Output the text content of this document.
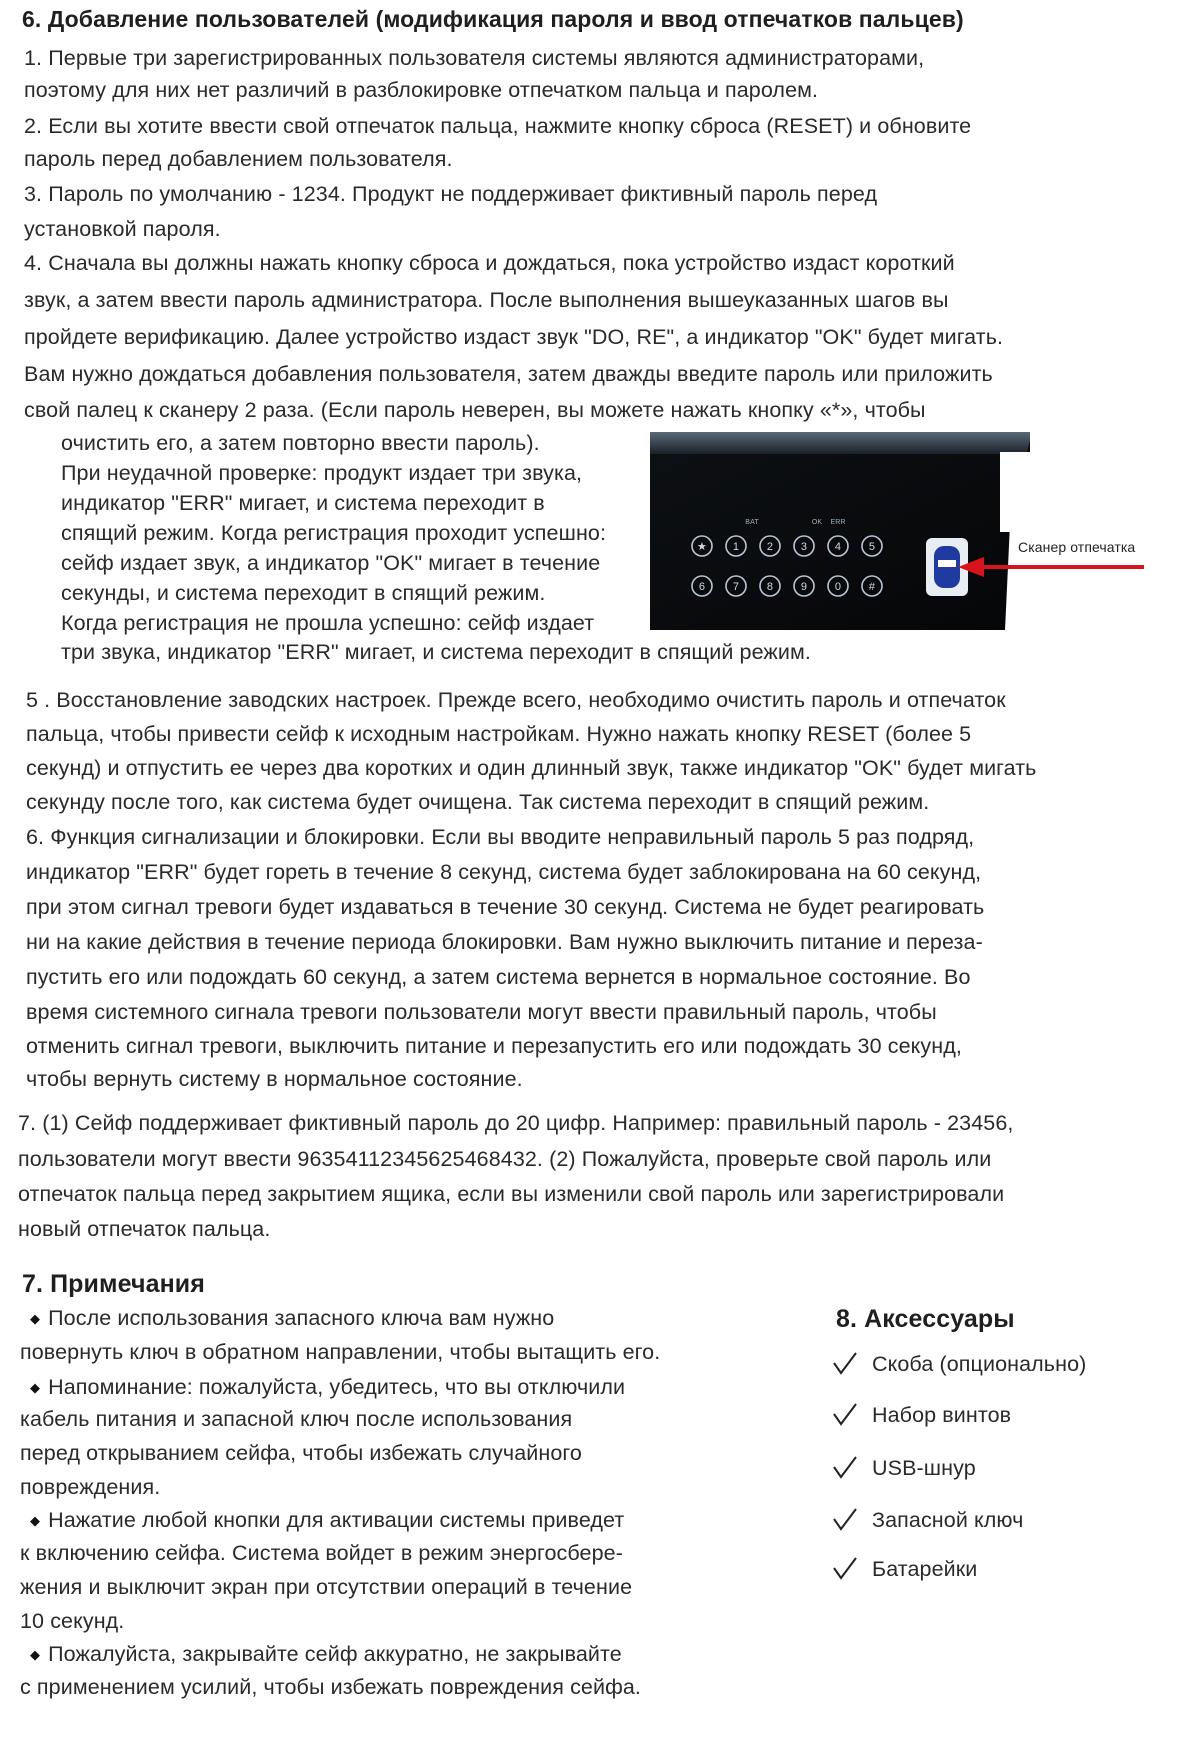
6. Добавление пользователей (модификация пароля и ввод отпечатков пальцев)
1. Первые три зарегистрированных пользователя системы являются администраторами,
поэтому для них нет различий в разблокировке отпечатком пальца и паролем.
2. Если вы хотите ввести свой отпечаток пальца, нажмите кнопку сброса (RESET) и обновите
пароль перед добавлением пользователя.
3. Пароль по умолчанию - 1234. Продукт не поддерживает фиктивный пароль перед
установкой пароля.
4. Сначала вы должны нажать кнопку сброса и дождаться, пока устройство издаст короткий
звук, а затем ввести пароль администратора. После выполнения вышеуказанных шагов вы
пройдете верификацию. Далее устройство издаст звук "DO, RE", а индикатор "OK" будет мигать.
Вам нужно дождаться добавления пользователя, затем дважды введите пароль или приложить
свой палец к сканеру 2 раза. (Если пароль неверен, вы можете нажать кнопку «*», чтобы
очистить его, а затем повторно ввести пароль).
При неудачной проверке: продукт издает три звука,
индикатор "ERR" мигает, и система переходит в
спящий режим. Когда регистрация проходит успешно:
сейф издает звук, а индикатор "OK" мигает в течение
секунды, и система переходит в спящий режим.
Когда регистрация не прошла успешно: сейф издает
три звука, индикатор "ERR" мигает, и система переходит в спящий режим.
BAT	OK ERR
★ 1	2	3	4	5
6	7	8	9	0	#
Сканер отпечатка
5 . Восстановление заводских настроек. Прежде всего, необходимо очистить пароль и отпечаток
пальца, чтобы привести сейф к исходным настройкам. Нужно нажать кнопку RESET (более 5
секунд) и отпустить ее через два коротких и один длинный звук, также индикатор "OK" будет мигать
секунду после того, как система будет очищена. Так система переходит в спящий режим.
6. Функция сигнализации и блокировки. Если вы вводите неправильный пароль 5 раз подряд,
индикатор "ERR" будет гореть в течение 8 секунд, система будет заблокирована на 60 секунд,
при этом сигнал тревоги будет издаваться в течение 30 секунд. Система не будет реагировать
ни на какие действия в течение периода блокировки. Вам нужно выключить питание и переза-
пустить его или подождать 60 секунд, а затем система вернется в нормальное состояние. Во
время системного сигнала тревоги пользователи могут ввести правильный пароль, чтобы
отменить сигнал тревоги, выключить питание и перезапустить его или подождать 30 секунд,
чтобы вернуть систему в нормальное состояние.
7. (1) Сейф поддерживает фиктивный пароль до 20 цифр. Например: правильный пароль - 23456,
пользователи могут ввести 96354112345625468432. (2) Пожалуйста, проверьте свой пароль или
отпечаток пальца перед закрытием ящика, если вы изменили свой пароль или зарегистрировали
новый отпечаток пальца.
7. Примечания
◆ После использования запасного ключа вам нужно
повернуть ключ в обратном направлении, чтобы вытащить его.
◆ Напоминание: пожалуйста, убедитесь, что вы отключили
кабель питания и запасной ключ после использования
перед открыванием сейфа, чтобы избежать случайного
повреждения.
◆ Нажатие любой кнопки для активации системы приведет
к включению сейфа. Система войдет в режим энергосбере-
жения и выключит экран при отсутствии операций в течение
10 секунд.
◆ Пожалуйста, закрывайте сейф аккуратно, не закрывайте
с применением усилий, чтобы избежать повреждения сейфа.
8. Аксессуары
Скоба (опционально)
Набор винтов
USB-шнур
Запасной ключ
Батарейки
